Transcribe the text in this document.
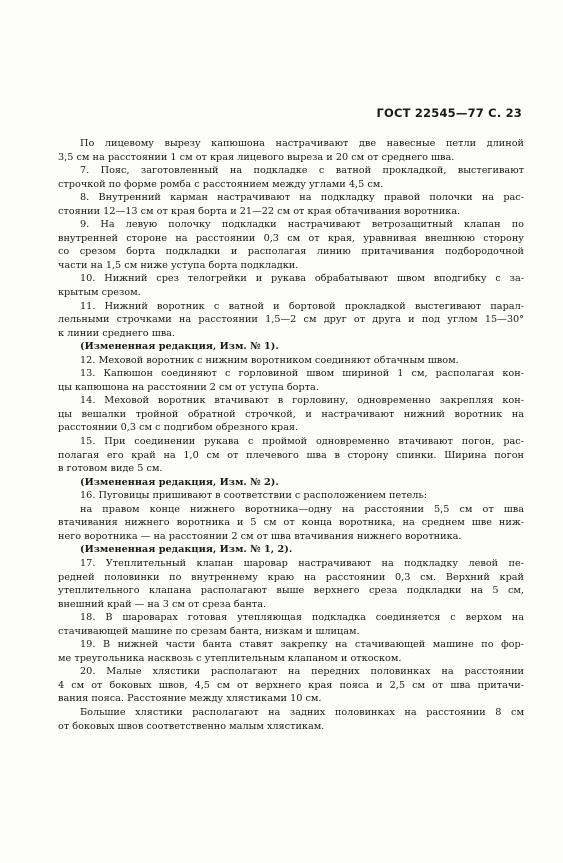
ГОСТ 22545—77 С. 23
По лицевому вырезу капюшона настрачивают две навесные петли длиной
3,5 см на расстоянии 1 см от края лицевого выреза и 20 см от среднего шва.
7. Пояс, заготовленный на подкладке с ватной прокладкой, выстегивают
строчкой по форме ромба с расстоянием между углами 4,5 см.
8. Внутренний карман настрачивают на подкладку правой полочки на рас-
стоянии 12—13 см от края борта и 21—22 см от края обтачивания воротника.
9. На левую полочку подкладки настрачивают ветрозащитный клапан по
внутренней стороне на расстоянии 0,3 см от края, уравнивая внешнюю сторону
со срезом борта подкладки и располагая линию притачивания подбородочной
части на 1,5 см ниже уступа борта подкладки.
10. Нижний срез телогрейки и рукава обрабатывают швом вподгибку с за-
крытым срезом.
11. Нижний воротник с ватной и бортовой прокладкой выстегивают парал-
лельными строчками на расстоянии 1,5—2 см друг от друга и под углом 15—30°
к линии среднего шва.
(Измененная редакция, Изм. № 1).
12. Меховой воротник с нижним воротником соединяют обтачным швом.
13. Капюшон соединяют с горловиной швом шириной 1 см, располагая кон-
цы капюшона на расстоянии 2 см от уступа борта.
14. Меховой воротник втачивают в горловину, одновременно закрепляя кон-
цы вешалки тройной обратной строчкой, и настрачивают нижний воротник на
расстоянии 0,3 см с подгибом обрезного края.
15. При соединении рукава с проймой одновременно втачивают погон, рас-
полагая его край на 1,0 см от плечевого шва в сторону спинки. Ширина погон
в готовом виде 5 см.
(Измененная редакция, Изм. № 2).
16. Пуговицы пришивают в соответствии с расположением петель:
на правом конце нижнего воротника—одну на расстоянии 5,5 см от шва
втачивания нижнего воротника и 5 см от конца воротника, на среднем шве ниж-
него воротника — на расстоянии 2 см от шва втачивания нижнего воротника.
(Измененная редакция, Изм. № 1, 2).
17. Утеплительный клапан шаровар настрачивают на подкладку левой пе-
редней половинки по внутреннему краю на расстоянии 0,3 см. Верхний край
утеплительного клапана располагают выше верхнего среза подкладки на 5 см,
внешний край — на 3 см от среза банта.
18. В шароварах готовая утепляющая подкладка соединяется с верхом на
стачивающей машине по срезам банта, низкам и шлицам.
19. В нижней части банта ставят закрепку на стачивающей машине по фор-
ме треугольника насквозь с утеплительным клапаном и откоском.
20. Малые хлястики располагают на передних половинках на расстоянии
4 см от боковых швов, 4,5 см от верхнего края пояса и 2,5 см от шва притачи-
вания пояса. Расстояние между хлястиками 10 см.
Большие хлястики располагают на задних половинках на расстоянии 8 см
от боковых швов соответственно малым хлястикам.
